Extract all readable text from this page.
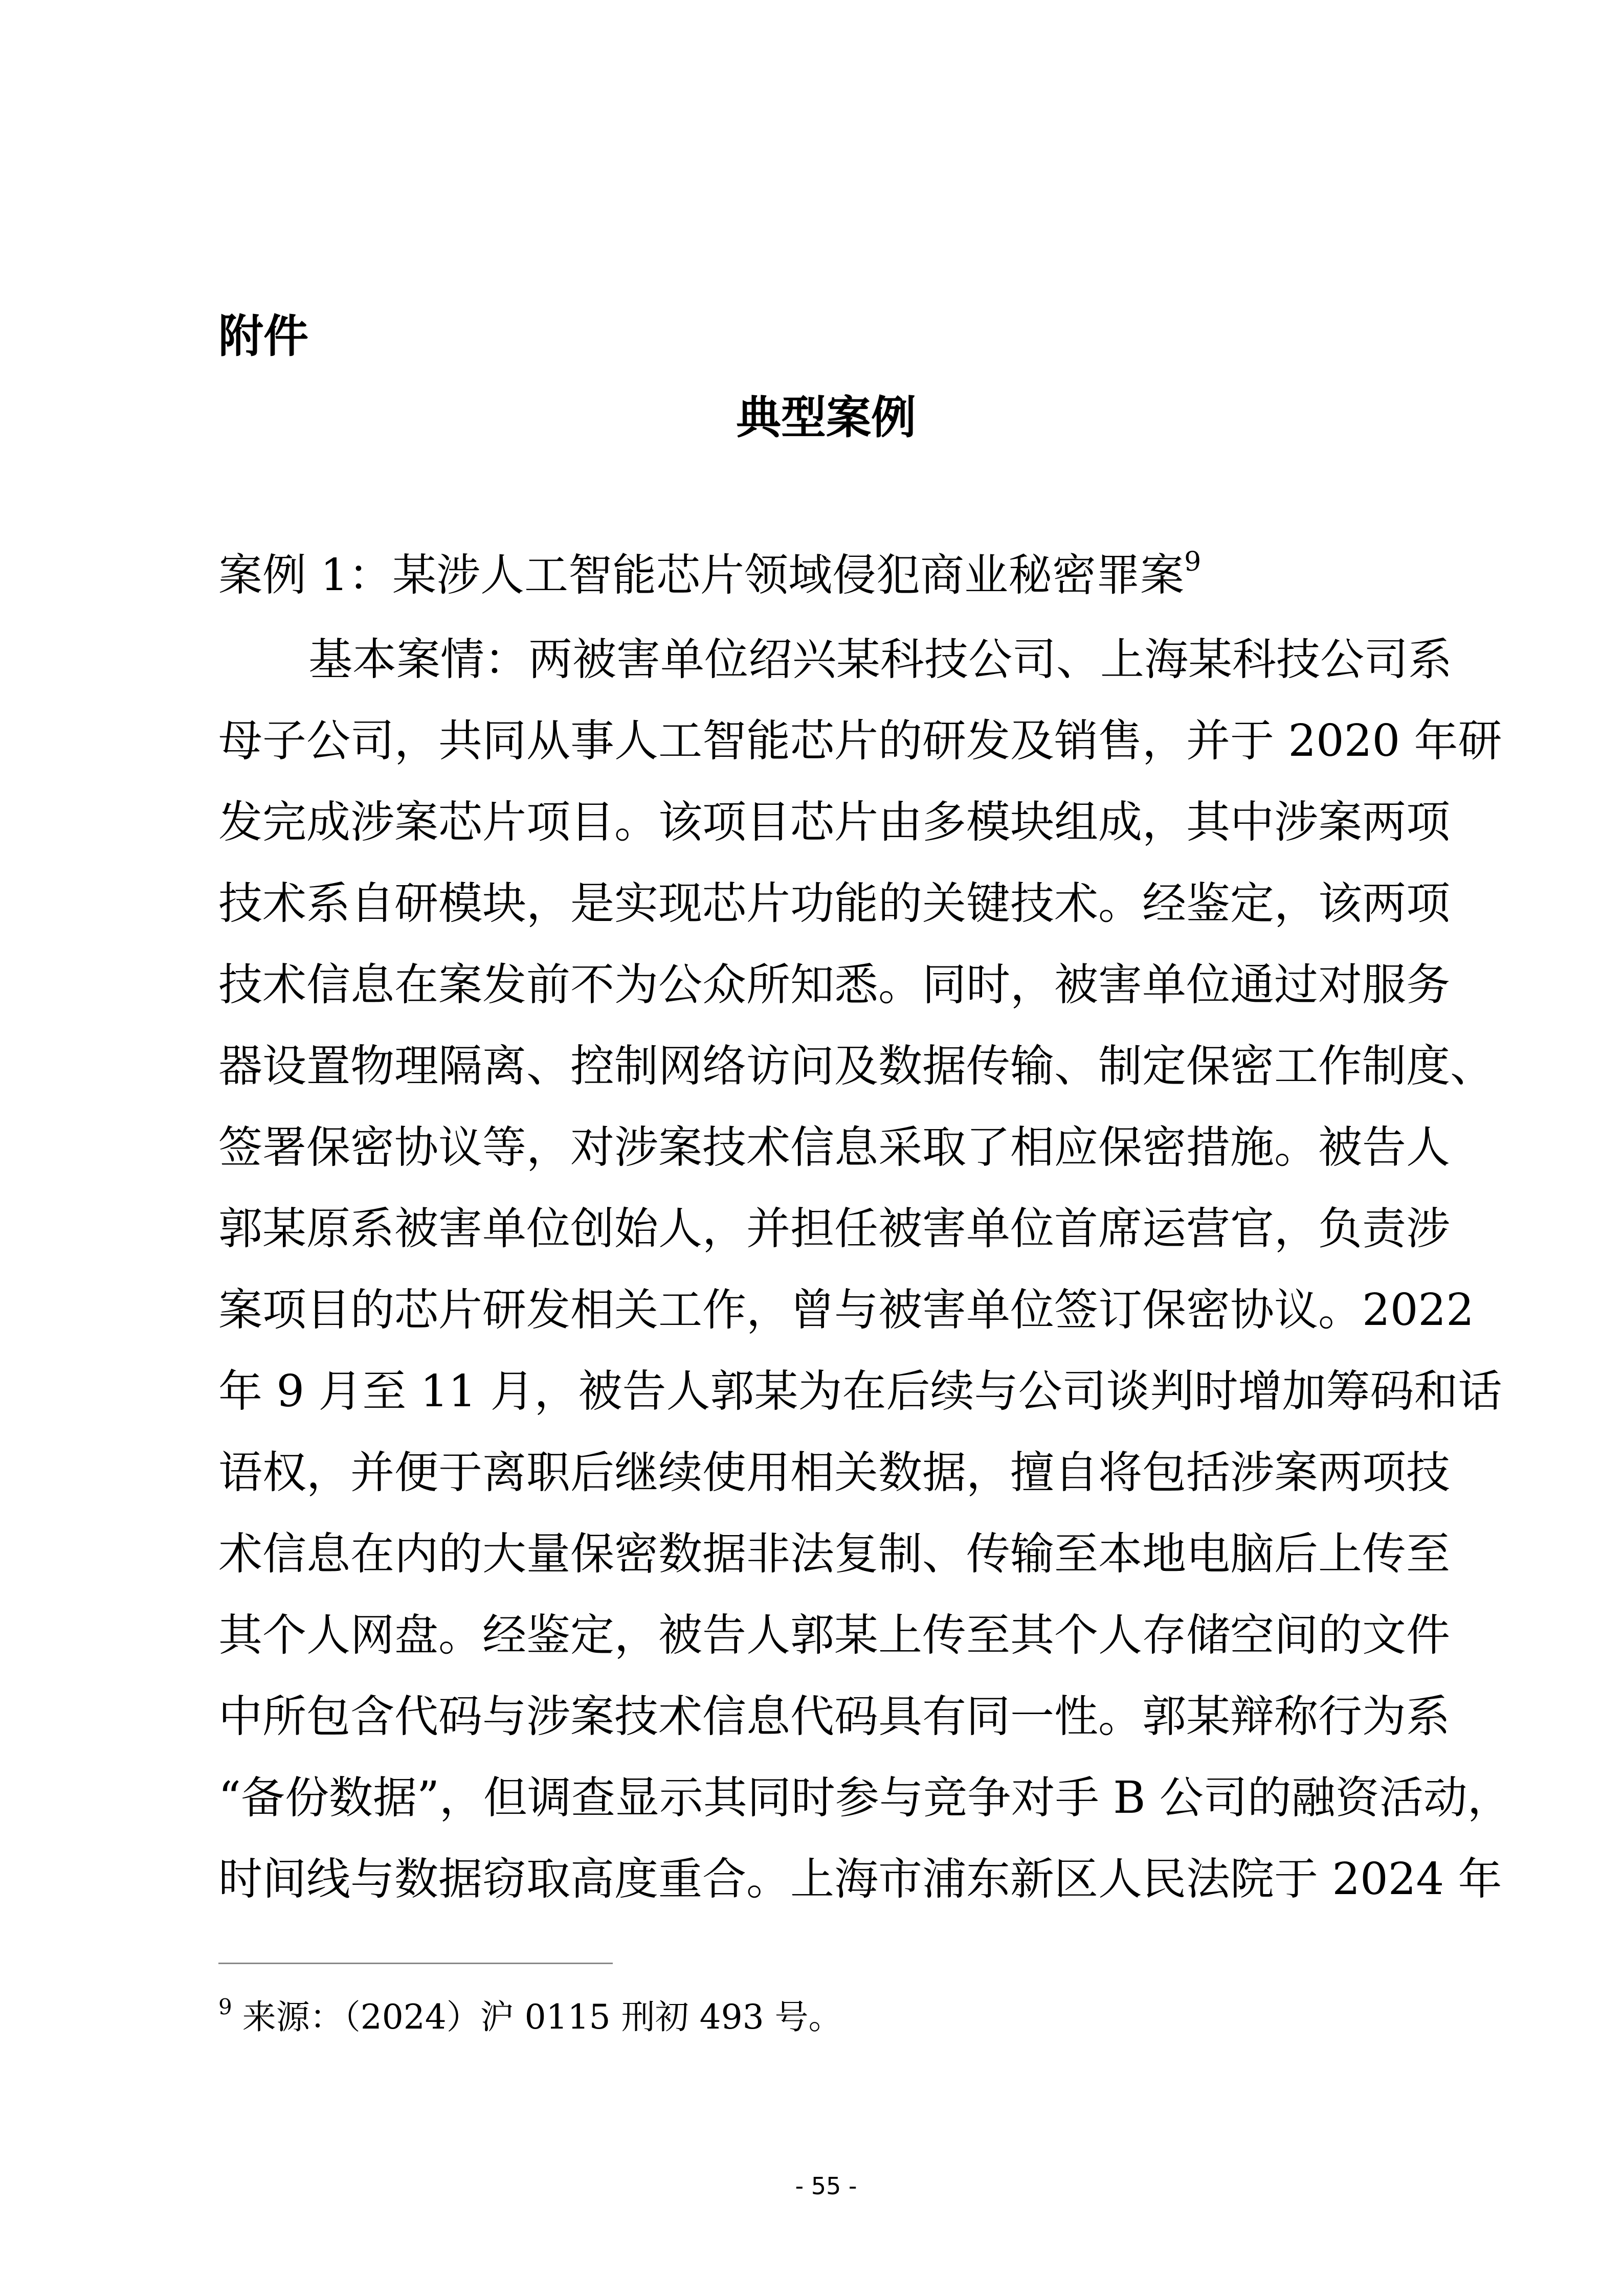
附件
典型案例
案例 1：某涉人工智能芯片领域侵犯商业秘密罪案$^9$
基本案情：两被害单位绍兴某科技公司、上海某科技公司系
母子公司，共同从事人工智能芯片的研发及销售，并于 2020 年研
发完成涉案芯片项目。该项目芯片由多模块组成，其中涉案两项
技术系自研模块，是实现芯片功能的关键技术。经鉴定，该两项
技术信息在案发前不为公众所知悉。同时，被害单位通过对服务
器设置物理隔离、控制网络访问及数据传输、制定保密工作制度、
签署保密协议等，对涉案技术信息采取了相应保密措施。被告人
郭某原系被害单位创始人，并担任被害单位首席运营官，负责涉
案项目的芯片研发相关工作，曾与被害单位签订保密协议。2022
年 9 月至 11 月，被告人郭某为在后续与公司谈判时增加筹码和话
语权，并便于离职后继续使用相关数据，擅自将包括涉案两项技
术信息在内的大量保密数据非法复制、传输至本地电脑后上传至
其个人网盘。经鉴定，被告人郭某上传至其个人存储空间的文件
中所包含代码与涉案技术信息代码具有同一性。郭某辩称行为系
“备份数据”，但调查显示其同时参与竞争对手 B 公司的融资活动，
时间线与数据窃取高度重合。上海市浦东新区人民法院于 2024 年
$^9$ 来源：（2024）沪 0115 刑初 493 号。
- 55 -
